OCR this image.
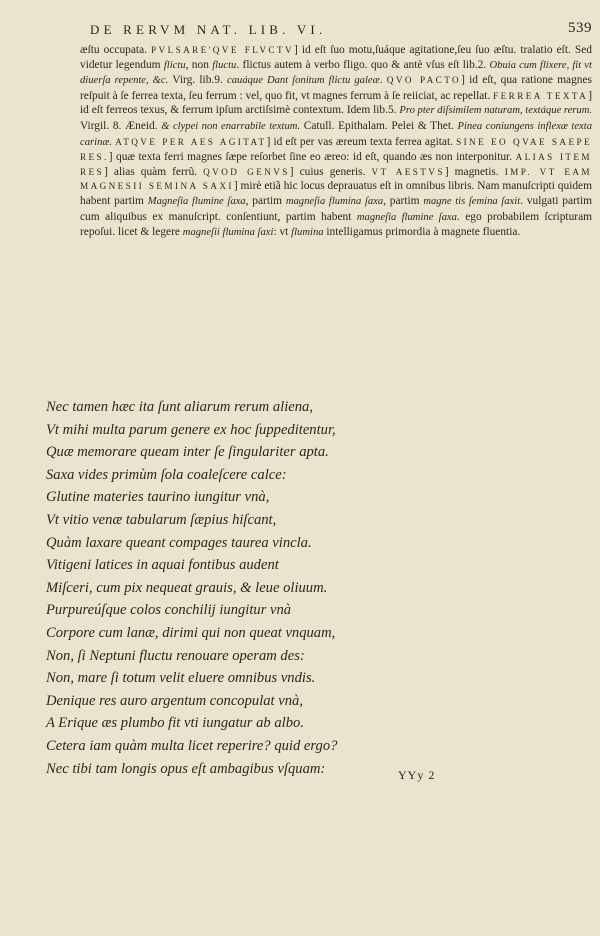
DE RERVM NAT. LIB. VI.	539

æſtu occupata. PVLSARE'QVE FLVCTV] id eſt ſuo motu,ſuáque agitatione,ſeu ſuo æſtu. tralatio eſt. Sed videtur legendum flictu, non fluctu. flictus autem à verbo fligo. quo & antè vſus eſt lib.2. Obuia cum flixere, fit vt diuerſa repente, &c. Virg. lib.9. cauáque Dant ſonitum flictu galeæ. QVO PACTO] id eſt, qua ratione magnes reſpuit à ſe ferrea texta, ſeu ferrum : vel, quo fit, vt magnes ferrum à ſe reiiciat, ac repellat. FERREA TEXTA] id eſt ferreos texus, & ferrum ipſum arctiſsimè contextum. Idem lib.5. Pro pter diſsimilem naturam, textáque rerum. Virgil. 8. Æneid. & clypei non enarrabile textum. Catull. Epithalam. Pelei & Thet. Pinea coniungens inflexæ texta carinæ. ATQVE PER AES AGITAT] id eſt per vas æreum texta ferrea agitat. SINE EO QVAE SAEPE RES.] quæ texta ferri magnes ſæpe reſorbet ſine eo æreo: id eſt, quando æs non interponitur. ALIAS ITEM RES] alias quàm ferrũ. QVOD GENVS] cuius generis. VT AESTVS] magnetis. IMP. VT EAM MAGNESII SEMINA SAXI] mirè etiã hic locus deprauatus eſt in omnibus libris. Nam manuſcripti quidem habent partim Magneſia flumine ſaxa, partim magneſia flumina ſaxa, partim magne tis ſemina ſaxit. vulgati partim cum aliquibus ex manuſcript. conſentiunt, partim habent magneſia flumine ſaxa. ego probabilem ſcripturam repoſui. licet & legere magneſii flumina ſaxi: vt flumina intelligamus primordia à magnete fluentia.

Nec tamen hæc ita ſunt aliarum rerum aliena,
Vt mihi multa parum genere ex hoc ſuppeditentur,
Quæ memorare queam inter ſe ſingulariter apta.
Saxa vides primùm ſola coaleſcere calce:
Glutine materies taurino iungitur vnà,
Vt vitio venæ tabularum ſæpius hiſcant,
Quàm laxare queant compages taurea vincla.
Vitigeni latices in aquai fontibus audent
Miſceri, cum pix nequeat grauis, & leue oliuum.
Purpureúſque colos conchilij iungitur vnà
Corpore cum lanæ, dirimi qui non queat vnquam,
Non, ſi Neptuni fluctu renouare operam des:
Non, mare ſi totum velit eluere omnibus vndis.
Denique res auro argentum concopulat vnà,
A Erique æs plumbo fit vti iungatur ab albo.
Cetera iam quàm multa licet reperire? quid ergo?
Nec tibi tam longis opus eſt ambagibus vſquam:	YYy 2
